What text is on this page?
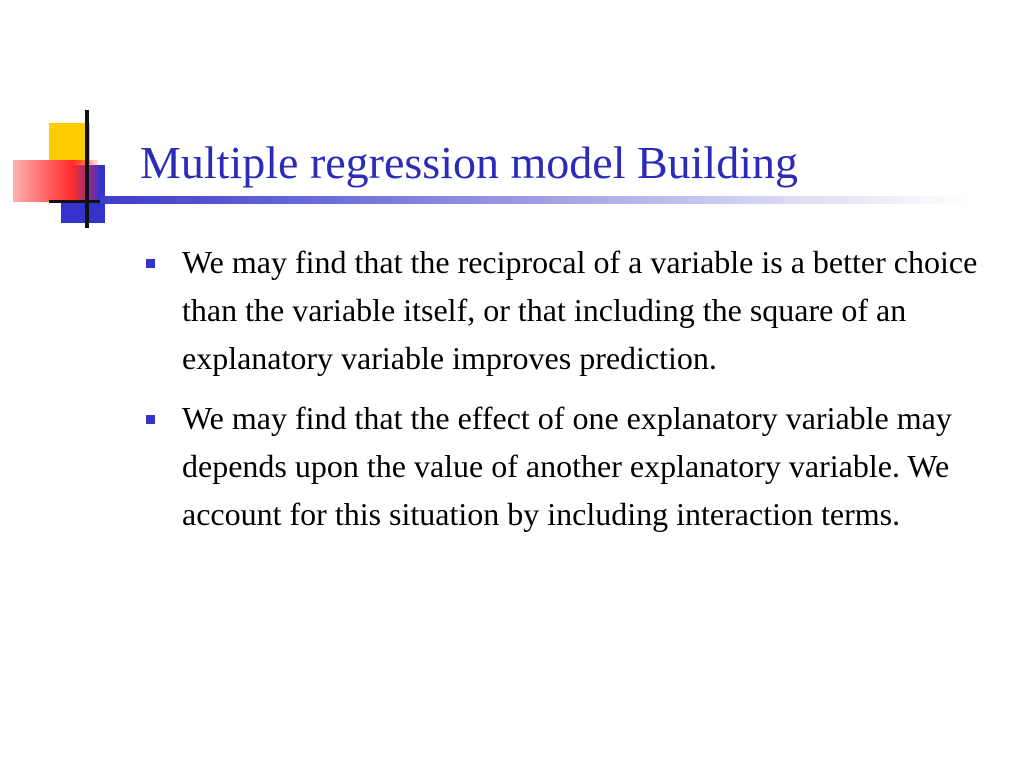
Multiple regression model Building
We may find that the reciprocal of a variable is a better choice than the variable itself, or that including the square of an explanatory variable improves prediction.
We may find that the effect of one explanatory variable may depends upon the value of another explanatory variable. We account for this situation by including interaction terms.
